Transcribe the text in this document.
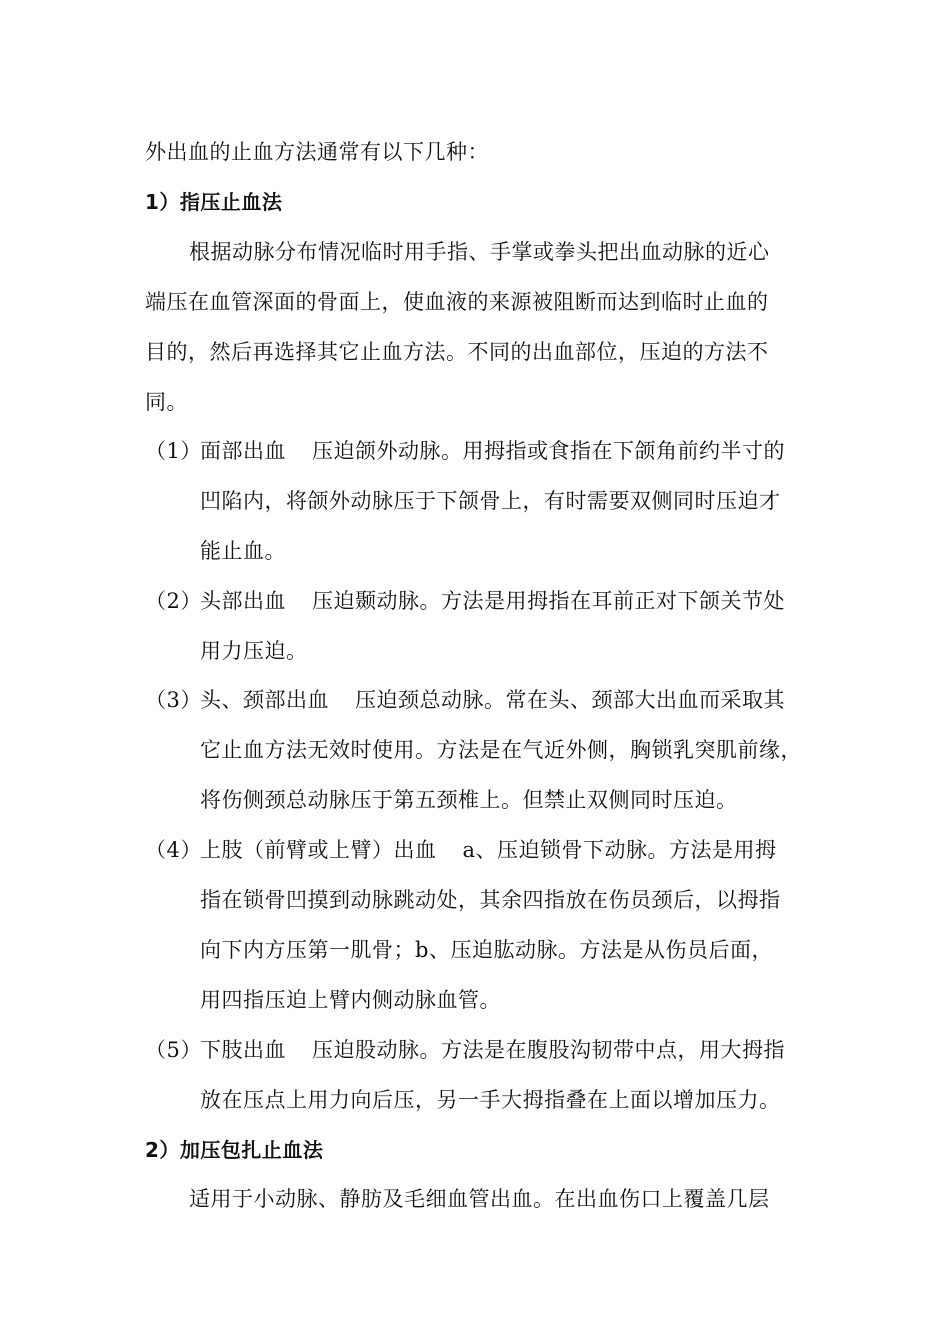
外出血的止血方法通常有以下几种：
1）指压止血法
根据动脉分布情况临时用手指、手掌或拳头把出血动脉的近心
端压在血管深面的骨面上，使血液的来源被阻断而达到临时止血的
目的，然后再选择其它止血方法。不同的出血部位，压迫的方法不
同。
（1）面部出血 压迫颌外动脉。用拇指或食指在下颌角前约半寸的
凹陷内，将颌外动脉压于下颌骨上，有时需要双侧同时压迫才
能止血。
（2）头部出血 压迫颞动脉。方法是用拇指在耳前正对下颌关节处
用力压迫。
（3）头、颈部出血 压迫颈总动脉。常在头、颈部大出血而采取其
它止血方法无效时使用。方法是在气近外侧，胸锁乳突肌前缘，
将伤侧颈总动脉压于第五颈椎上。但禁止双侧同时压迫。
（4）上肢（前臂或上臂）出血 a、压迫锁骨下动脉。方法是用拇
指在锁骨凹摸到动脉跳动处，其余四指放在伤员颈后，以拇指
向下内方压第一肌骨；b、压迫肱动脉。方法是从伤员后面，
用四指压迫上臂内侧动脉血管。
（5）下肢出血 压迫股动脉。方法是在腹股沟韧带中点，用大拇指
放在压点上用力向后压，另一手大拇指叠在上面以增加压力。
2）加压包扎止血法
适用于小动脉、静肪及毛细血管出血。在出血伤口上覆盖几层
